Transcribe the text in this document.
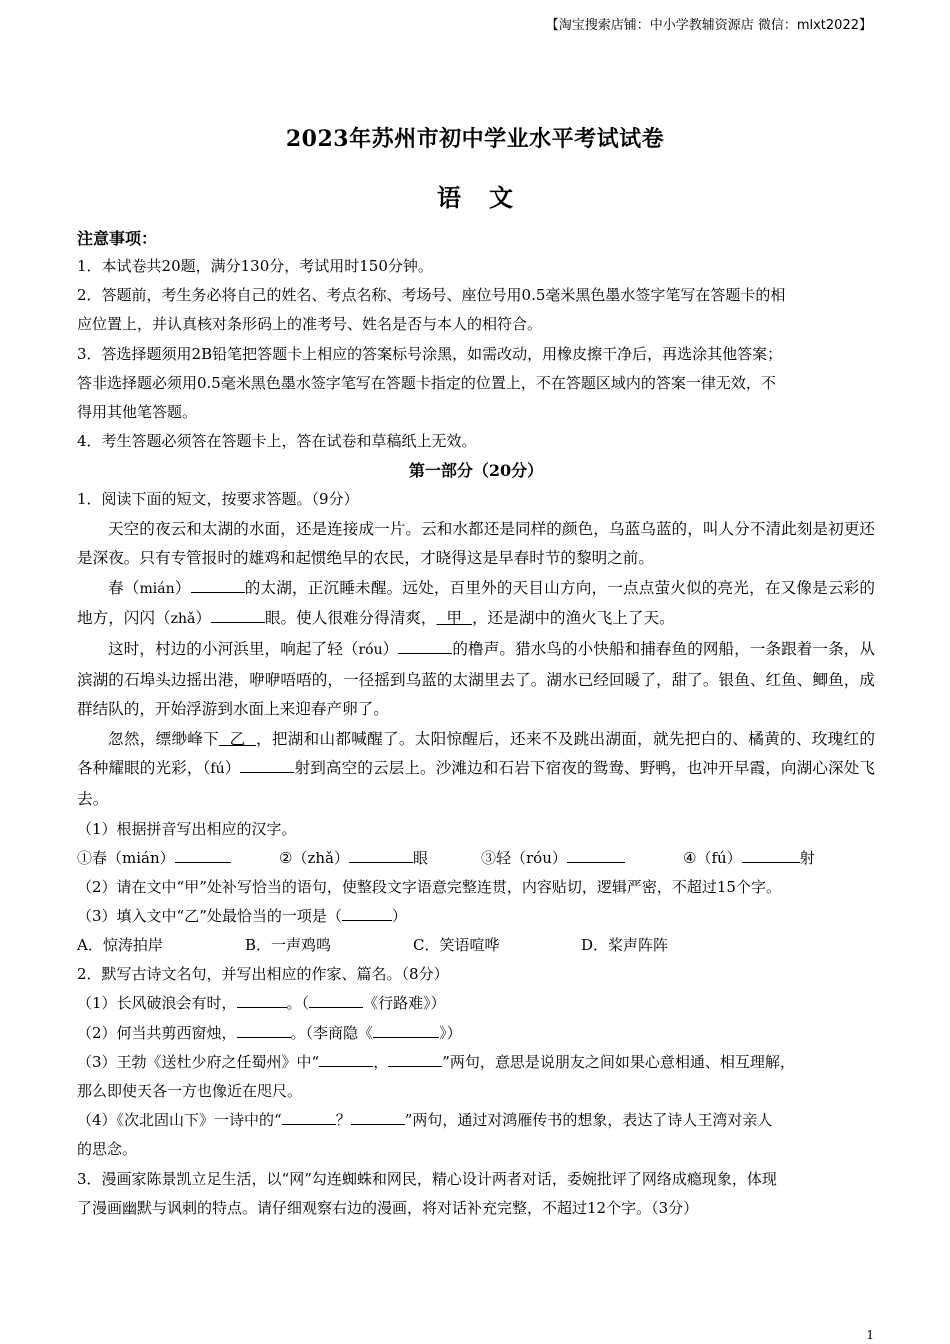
【淘宝搜索店铺：中小学教辅资源店 微信：mlxt2022】
2023年苏州市初中学业水平考试试卷
语文
注意事项：
1．本试卷共20题，满分130分，考试用时150分钟。
2．答题前，考生务必将自己的姓名、考点名称、考场号、座位号用0.5毫米黑色墨水签字笔写在答题卡的相
应位置上，并认真核对条形码上的准考号、姓名是否与本人的相符合。
3．答选择题须用2B铅笔把答题卡上相应的答案标号涂黑，如需改动，用橡皮擦干净后，再选涂其他答案；
答非选择题必须用0.5毫米黑色墨水签字笔写在答题卡指定的位置上，不在答题区域内的答案一律无效，不
得用其他笔答题。
4．考生答题必须答在答题卡上，答在试卷和草稿纸上无效。
第一部分（20分）
1．阅读下面的短文，按要求答题。（9分）

天空的夜云和太湖的水面，还是连接成一片。云和水都还是同样的颜色，乌蓝乌蓝的，叫人分不清此刻是初更还是深夜。只有专管报时的雄鸡和起惯绝早的农民，才晓得这是早春时节的黎明之前。

春（mián）	的太湖，正沉睡未醒。远处，百里外的天目山方向，一点点萤火似的亮光，在又像是云彩的地方，闪闪（zhǎ）	眼。使人很难分得清爽， 甲 ，还是湖中的渔火飞上了天。

这时，村边的小河浜里，响起了轻（róu）	的橹声。猎水鸟的小快船和捕春鱼的网船，一条跟着一条，从滨湖的石埠头边摇出港，咿咿唔唔的，一径摇到乌蓝的太湖里去了。湖水已经回暖了，甜了。银鱼、红鱼、鲫鱼，成群结队的，开始浮游到水面上来迎春产卵了。

忽然，缥缈峰下 乙 ，把湖和山都喊醒了。太阳惊醒后，还来不及跳出湖面，就先把白的、橘黄的、玫瑰红的各种耀眼的光彩，（fú）	射到高空的云层上。沙滩边和石岩下宿夜的鸳鸯、野鸭，也冲开早霞，向湖心深处飞去。

（1）根据拼音写出相应的汉字。
①春（mián）	②（zhǎ）	眼	③轻（róu）	④（fú）	射
（2）请在文中“甲”处补写恰当的语句，使整段文字语意完整连贯，内容贴切，逻辑严密，不超过15个字。
（3）填入文中“乙”处最恰当的一项是（	）
A．惊涛拍岸	B．一声鸡鸣	C．笑语喧哗	D．桨声阵阵
2．默写古诗文名句，并写出相应的作家、篇名。（8分）
（1）长风破浪会有时，	。（	《行路难》）
（2）何当共剪西窗烛，	。（李商隐《	》）
（3）王勃《送杜少府之任蜀州》中“	，	”两句，意思是说朋友之间如果心意相通、相互理解，
那么即使天各一方也像近在咫尺。
（4）《次北固山下》一诗中的“	？	”两句，通过对鸿雁传书的想象，表达了诗人王湾对亲人
的思念。
3．漫画家陈景凯立足生活，以“网”勾连蜘蛛和网民，精心设计两者对话，委婉批评了网络成瘾现象，体现
了漫画幽默与讽刺的特点。请仔细观察右边的漫画，将对话补充完整，不超过12个字。（3分）
1
